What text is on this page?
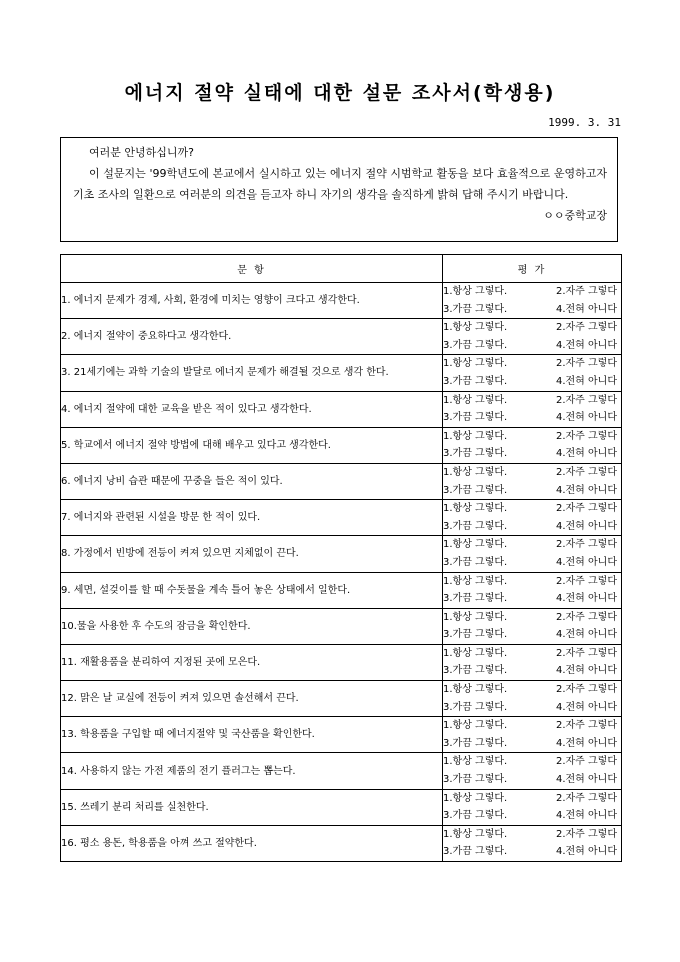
에너지 절약 실태에 대한 설문 조사서(학생용)
1999. 3. 31
여러분 안녕하십니까?
이 설문지는 '99학년도에 본교에서 실시하고 있는 에너지 절약 시범학교 활동을 보다 효율적으로 운영하고자 기초 조사의 일환으로 여러분의 의견을 듣고자 하니 자기의 생각을 솔직하게 밝혀 답해 주시기 바랍니다.
ㅇㅇ중학교장
문 항	평 가

1. 에너지 문제가 경제, 사회, 환경에 미치는 영향이 크다고 생각한다.	1.항상 그렇다. 2.자주 그렇다
3.가끔 그렇다. 4.전혀 아니다

2. 에너지 절약이 중요하다고 생각한다.	1.항상 그렇다. 2.자주 그렇다
3.가끔 그렇다. 4.전혀 아니다

3. 21세기에는 과학 기술의 발달로 에너지 문제가 해결될 것으로 생각 한다.	1.항상 그렇다. 2.자주 그렇다
3.가끔 그렇다. 4.전혀 아니다

4. 에너지 절약에 대한 교육을 받은 적이 있다고 생각한다.	1.항상 그렇다. 2.자주 그렇다
3.가끔 그렇다. 4.전혀 아니다

5. 학교에서 에너지 절약 방법에 대해 배우고 있다고 생각한다.	1.항상 그렇다. 2.자주 그렇다
3.가끔 그렇다. 4.전혀 아니다

6. 에너지 낭비 습관 때문에 꾸중을 들은 적이 있다.	1.항상 그렇다. 2.자주 그렇다
3.가끔 그렇다. 4.전혀 아니다

7. 에너지와 관련된 시설을 방문 한 적이 있다.	1.항상 그렇다. 2.자주 그렇다
3.가끔 그렇다. 4.전혀 아니다

8. 가정에서 빈방에 전등이 켜져 있으면 지체없이 끈다.	1.항상 그렇다. 2.자주 그렇다
3.가끔 그렇다. 4.전혀 아니다

9. 세면, 설겆이를 할 때 수돗물을 계속 틀어 놓은 상태에서 일한다.	1.항상 그렇다. 2.자주 그렇다
3.가끔 그렇다. 4.전혀 아니다

10.물을 사용한 후 수도의 잠금을 확인한다.	1.항상 그렇다. 2.자주 그렇다
3.가끔 그렇다. 4.전혀 아니다

11. 재활용품을 분리하여 지정된 곳에 모은다.	1.항상 그렇다. 2.자주 그렇다
3.가끔 그렇다. 4.전혀 아니다

12. 맑은 날 교실에 전등이 켜져 있으면 솔선해서 끈다.	1.항상 그렇다. 2.자주 그렇다
3.가끔 그렇다. 4.전혀 아니다

13. 학용품을 구입할 때 에너지절약 및 국산품을 확인한다.	1.항상 그렇다. 2.자주 그렇다
3.가끔 그렇다. 4.전혀 아니다

14. 사용하지 않는 가전 제품의 전기 플러그는 뽑는다.	1.항상 그렇다. 2.자주 그렇다
3.가끔 그렇다. 4.전혀 아니다

15. 쓰레기 분리 처리를 실천한다.	1.항상 그렇다. 2.자주 그렇다
3.가끔 그렇다. 4.전혀 아니다

16. 평소 용돈, 학용품을 아껴 쓰고 절약한다.	1.항상 그렇다. 2.자주 그렇다
3.가끔 그렇다. 4.전혀 아니다
